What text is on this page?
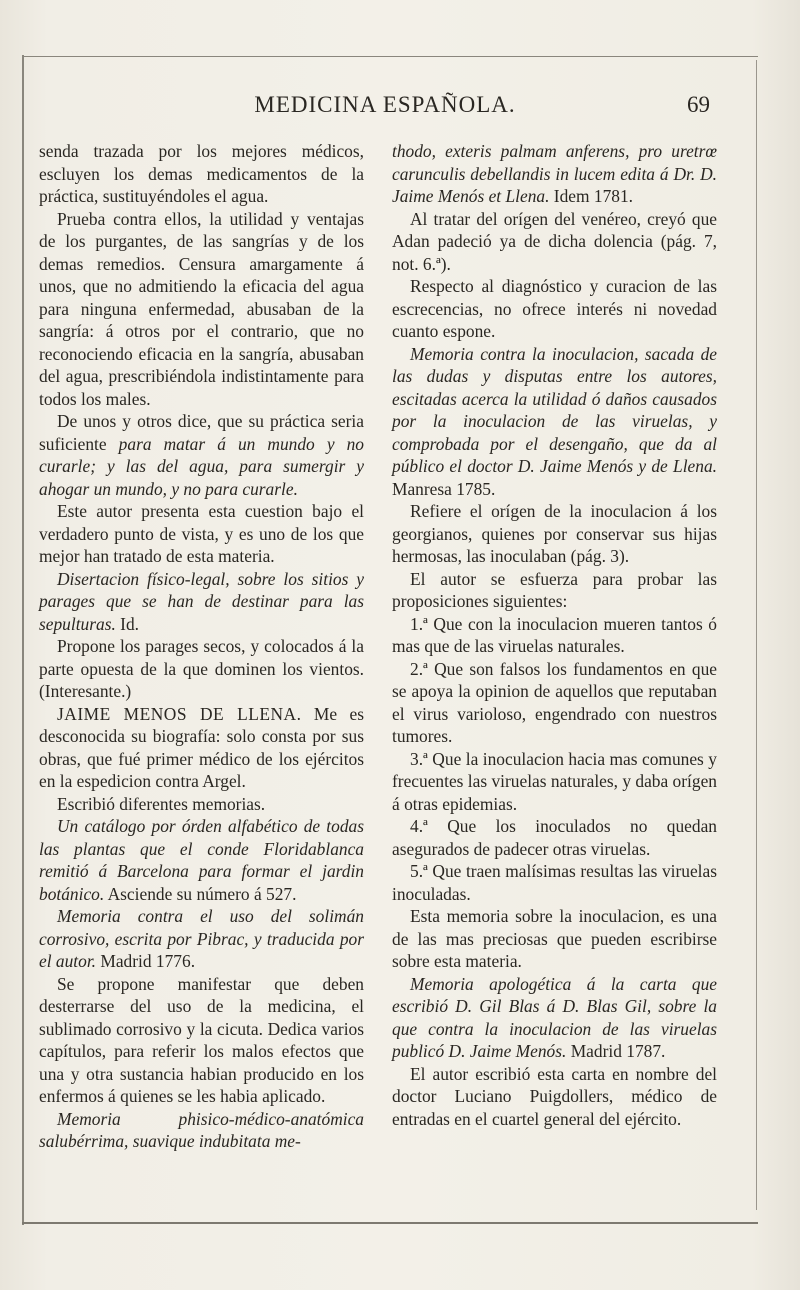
MEDICINA ESPAÑOLA.	69

senda trazada por los mejores médicos, escluyen los demas medicamentos de la práctica, sustituyéndoles el agua.

Prueba contra ellos, la utilidad y ventajas de los purgantes, de las sangrías y de los demas remedios. Censura amargamente á unos, que no admitiendo la eficacia del agua para ninguna enfermedad, abusaban de la sangría: á otros por el contrario, que no reconociendo eficacia en la sangría, abusaban del agua, prescribiéndola indistintamente para todos los males.

De unos y otros dice, que su práctica seria suficiente para matar á un mundo y no curarle; y las del agua, para sumergir y ahogar un mundo, y no para curarle.

Este autor presenta esta cuestion bajo el verdadero punto de vista, y es uno de los que mejor han tratado de esta materia.

Disertacion físico-legal, sobre los sitios y parages que se han de destinar para las sepulturas. Id.

Propone los parages secos, y colocados á la parte opuesta de la que dominen los vientos. (Interesante.)

JAIME MENOS DE LLENA. Me es desconocida su biografía: solo consta por sus obras, que fué primer médico de los ejércitos en la espedicion contra Argel.

Escribió diferentes memorias.

Un catálogo por órden alfabético de todas las plantas que el conde Floridablanca remitió á Barcelona para formar el jardin botánico. Asciende su número á 527.

Memoria contra el uso del solimán corrosivo, escrita por Pibrac, y traducida por el autor. Madrid 1776.

Se propone manifestar que deben desterrarse del uso de la medicina, el sublimado corrosivo y la cicuta. Dedica varios capítulos, para referir los malos efectos que una y otra sustancia habian producido en los enfermos á quienes se les habia aplicado.

Memoria phisico-médico-anatómica salubérrima, suavique indubitata me-

thodo, exteris palmam anferens, pro uretrœ carunculis debellandis in lucem edita á Dr. D. Jaime Menós et Llena. Idem 1781.

Al tratar del orígen del venéreo, creyó que Adan padeció ya de dicha dolencia (pág. 7, not. 6.ª).

Respecto al diagnóstico y curacion de las escrecencias, no ofrece interés ni novedad cuanto espone.

Memoria contra la inoculacion, sacada de las dudas y disputas entre los autores, escitadas acerca la utilidad ó daños causados por la inoculacion de las viruelas, y comprobada por el desengaño, que da al público el doctor D. Jaime Menós y de Llena. Manresa 1785.

Refiere el orígen de la inoculacion á los georgianos, quienes por conservar sus hijas hermosas, las inoculaban (pág. 3).

El autor se esfuerza para probar las proposiciones siguientes:

1.ª Que con la inoculacion mueren tantos ó mas que de las viruelas naturales.

2.ª Que son falsos los fundamentos en que se apoya la opinion de aquellos que reputaban el virus varioloso, engendrado con nuestros tumores.

3.ª Que la inoculacion hacia mas comunes y frecuentes las viruelas naturales, y daba orígen á otras epidemias.

4.ª Que los inoculados no quedan asegurados de padecer otras viruelas.

5.ª Que traen malísimas resultas las viruelas inoculadas.

Esta memoria sobre la inoculacion, es una de las mas preciosas que pueden escribirse sobre esta materia.

Memoria apologética á la carta que escribió D. Gil Blas á D. Blas Gil, sobre la que contra la inoculacion de las viruelas publicó D. Jaime Menós. Madrid 1787.

El autor escribió esta carta en nombre del doctor Luciano Puigdollers, médico de entradas en el cuartel general del ejército.
